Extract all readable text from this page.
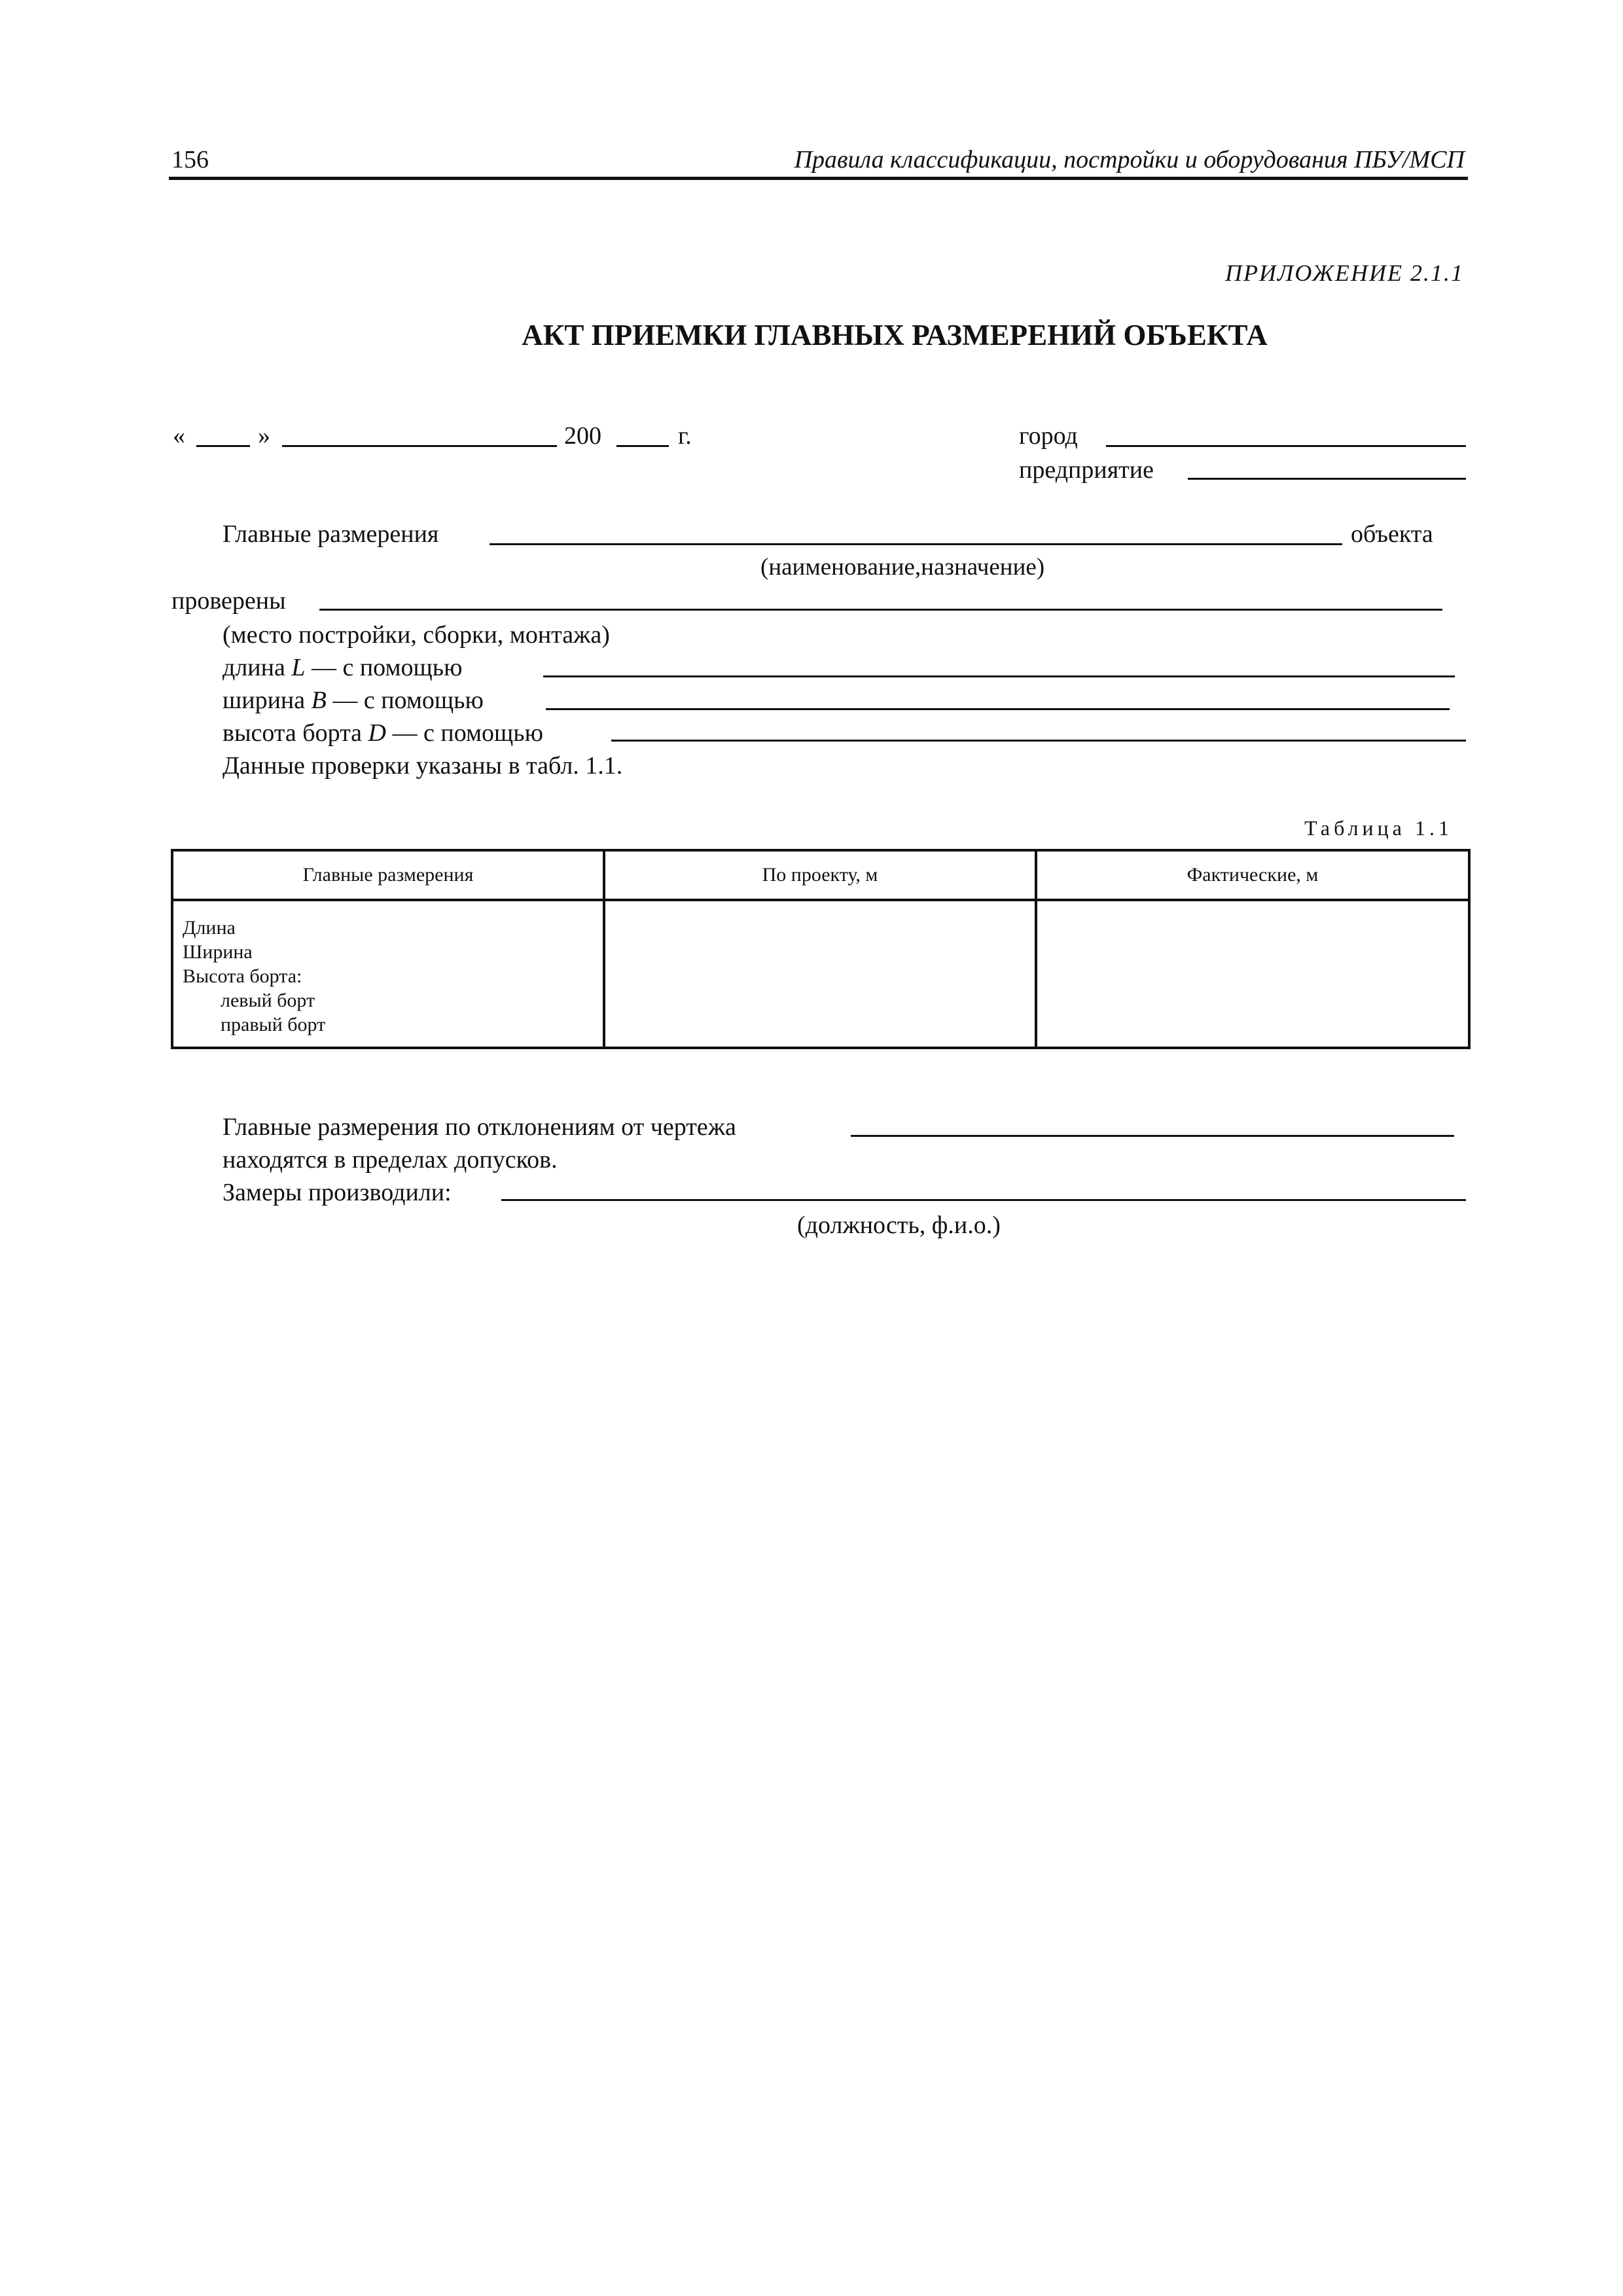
156	Правила классификации, постройки и оборудования ПБУ/МСП
ПРИЛОЖЕНИЕ 2.1.1
АКТ ПРИЕМКИ ГЛАВНЫХ РАЗМЕРЕНИЙ ОБЪЕКТА
«	»	200	г.	город
предприятие
Главные размерения	объекта
(наименование,назначение)
проверены
(место постройки, сборки, монтажа)
длина L — с помощью
ширина B — с помощью
высота борта D — с помощью
Данные проверки указаны в табл. 1.1.
Таблица 1.1
Главные размерения	По проекту, м	Фактические, м

Длина
Ширина
Высота борта:
левый борт
правый борт		

Главные размерения по отклонениям от чертежа
находятся в пределах допусков.
Замеры производили:
(должность, ф.и.о.)
